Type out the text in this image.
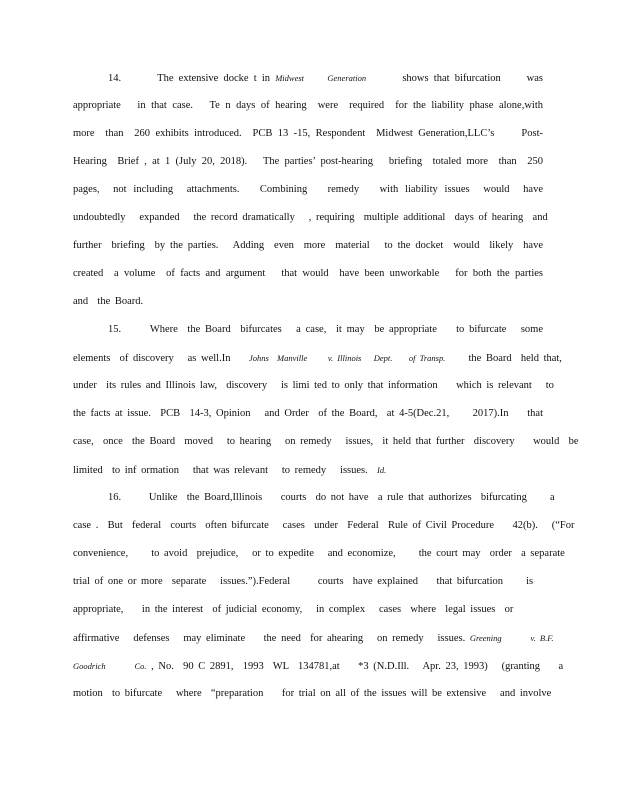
14.       The extensive docke t in Midwest     Generation       shows that bifurcation     was
appropriate   in that case.   Te n days of hearing  were  required  for the liability phase alone,with
more  than  260 exhibits introduced.  PCB 13 -15, Respondent  Midwest Generation,LLC’s     Post-
Hearing  Brief , at 1 (July 20, 2018).   The parties’ post-hearing   briefing  totaled more  than  250
pages,  not including  attachments.   Combining   remedy   with liability issues  would  have
undoubtedly   expanded   the record dramatically   , requiring  multiple additional  days of hearing  and
further  briefing  by the parties.   Adding  even  more  material   to the docket  would  likely  have
created  a volume  of facts and argument   that would  have been unworkable   for both the parties
and  the Board.
15.      Where  the Board  bifurcates   a case,  it may  be appropriate    to bifurcate   some
elements  of discovery   as well.In    Johns  Manville     v. Illinois   Dept.    of Transp.     the Board  held that,
under  its rules and Illinois law,  discovery   is limi ted to only that information    which is relevant   to
the facts at issue.  PCB  14-3, Opinion   and Order  of the Board,  at 4-5(Dec.21,     2017).In    that
case,  once  the Board  moved   to hearing   on remedy   issues,  it held that further  discovery    would  be
limited  to inf ormation   that was relevant   to remedy   issues.  Id.
16.      Unlike  the Board,Illinois    courts  do not have  a rule that authorizes  bifurcating     a
case .  But  federal  courts  often bifurcate   cases  under  Federal  Rule of Civil Procedure    42(b).   (“For
convenience,     to avoid  prejudice,   or to expedite   and economize,     the court may  order  a separate
trial of one or more  separate   issues.”).Federal      courts  have explained    that bifurcation     is
appropriate,    in the interest  of judicial economy,   in complex   cases  where  legal issues  or
affirmative   defenses   may eliminate    the need  for ahearing   on remedy   issues. Greening       v. B.F.
Goodrich       Co. , No.  90 C 2891,  1993  WL  134781,at    *3 (N.D.Ill.   Apr. 23, 1993)   (granting    a
motion  to bifurcate   where  “preparation    for trial on all of the issues will be extensive   and involve
